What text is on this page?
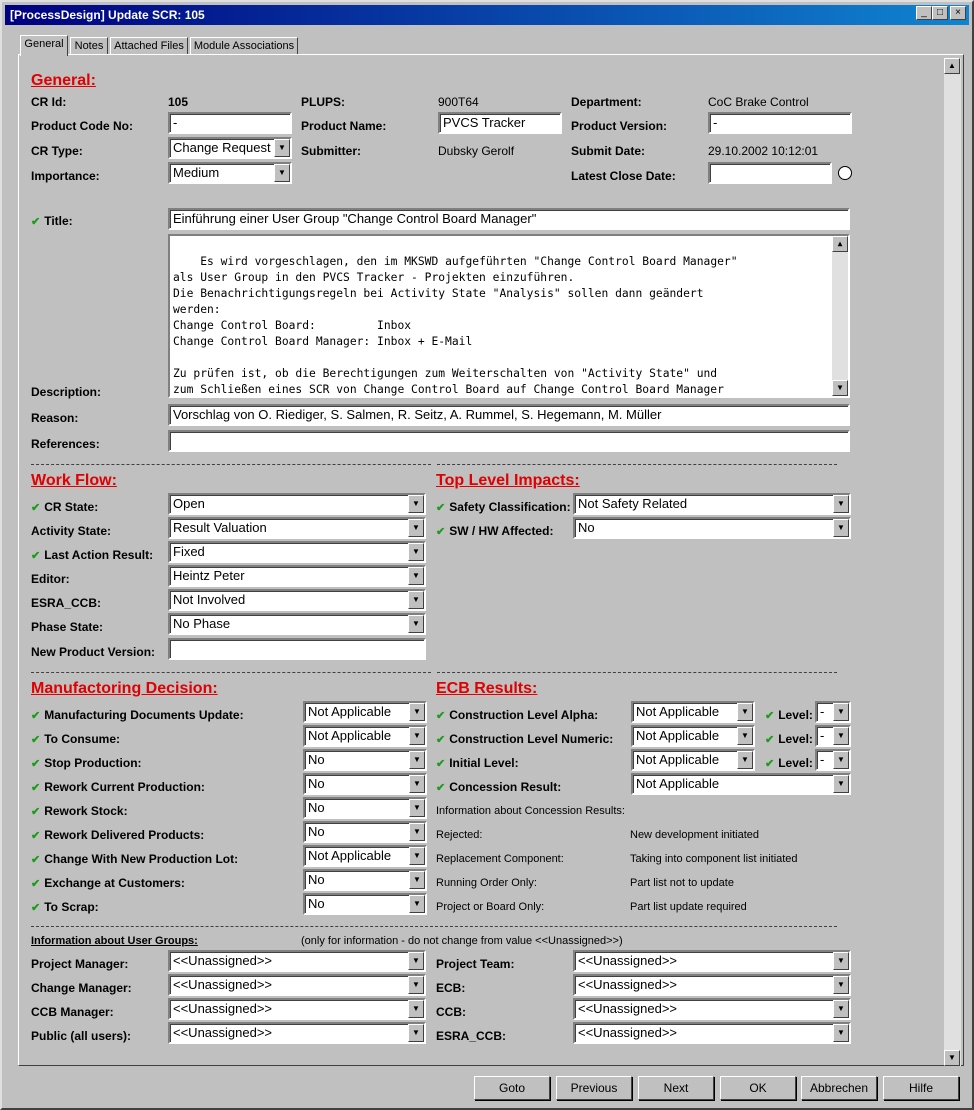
[ProcessDesign] Update SCR: 105	_	□	×
General	Notes Attached Files Module Associations
▲
▼
General:
CR Id:	105	PLUPS:	900T64	Department:	CoC Brake Control
Product Code No:	-	Product Name:	PVCS Tracker	Product Version:	-
CR Type:	Change Request ▼	Submitter:	Dubsky Gerolf	Submit Date:	29.10.2002 10:12:01
Importance:	Medium	▼	Latest Close Date:
✔ Title:	Einführung einer User Group "Change Control Board Manager"

Es wird vorgeschlagen, den im MKSWD aufgeführten "Change Control Board Manager"
als User Group in den PVCS Tracker - Projekten einzuführen.
Die Benachrichtigungsregeln bei Activity State "Analysis" sollen dann geändert
werden:
Change Control Board:         Inbox
Change Control Board Manager: Inbox + E-Mail

Zu prüfen ist, ob die Berechtigungen zum Weiterschalten von "Activity State" und
zum Schließen eines SCR von Change Control Board auf Change Control Board Manager

▲

▼

Description:
Reason:	Vorschlag von O. Riediger, S. Salmen, R. Seitz, A. Rummel, S. Hegemann, M. Müller
References:
Work Flow:
New Product Version:
Top Level Impacts:
✔ Safety Classification: Not Safety Related	▼
✔ SW / HW Affected:	No	▼
Manufactoring Decision:	ECB Results:
✔ Concession Result:	Not Applicable	▼
Information about Concession Results:
Information about User Groups:	(only for information - do not change from value <<Unassigned>>)
✔ CR State:	Open	▼
Activity State:	Result Valuation	▼
✔ Last Action Result:	Fixed	▼
Editor:	Heintz Peter	▼
ESRA_CCB:	Not Involved	▼
Phase State:	No Phase	▼
✔ Manufacturing Documents Update:	Not Applicable	▼
✔ To Consume:	Not Applicable	▼
✔ Stop Production:	No	▼
✔ Rework Current Production:	No	▼
✔ Rework Stock:	No	▼
✔ Rework Delivered Products:	No	▼
✔ Change With New Production Lot:	Not Applicable	▼
✔ Exchange at Customers:	No	▼
✔ To Scrap:	No	▼
✔ Construction Level Alpha:	Not Applicable	▼	✔ Level: -	▼
✔ Construction Level Numeric:	Not Applicable	▼	✔ Level: -	▼
✔ Initial Level:	Not Applicable	▼	✔ Level: -	▼
Rejected:	New development initiated
Replacement Component:	Taking into component list initiated
Running Order Only:	Part list not to update
Project or Board Only:	Part list update required
Project Manager:	<<Unassigned>>	▼
Change Manager:	<<Unassigned>>	▼
CCB Manager:	<<Unassigned>>	▼
Public (all users):	<<Unassigned>>	▼
Project Team:	<<Unassigned>>	▼
ECB:	<<Unassigned>>	▼
CCB:	<<Unassigned>>	▼
ESRA_CCB:	<<Unassigned>>	▼
Goto	Previous	Next	OK	Abbrechen	Hilfe
